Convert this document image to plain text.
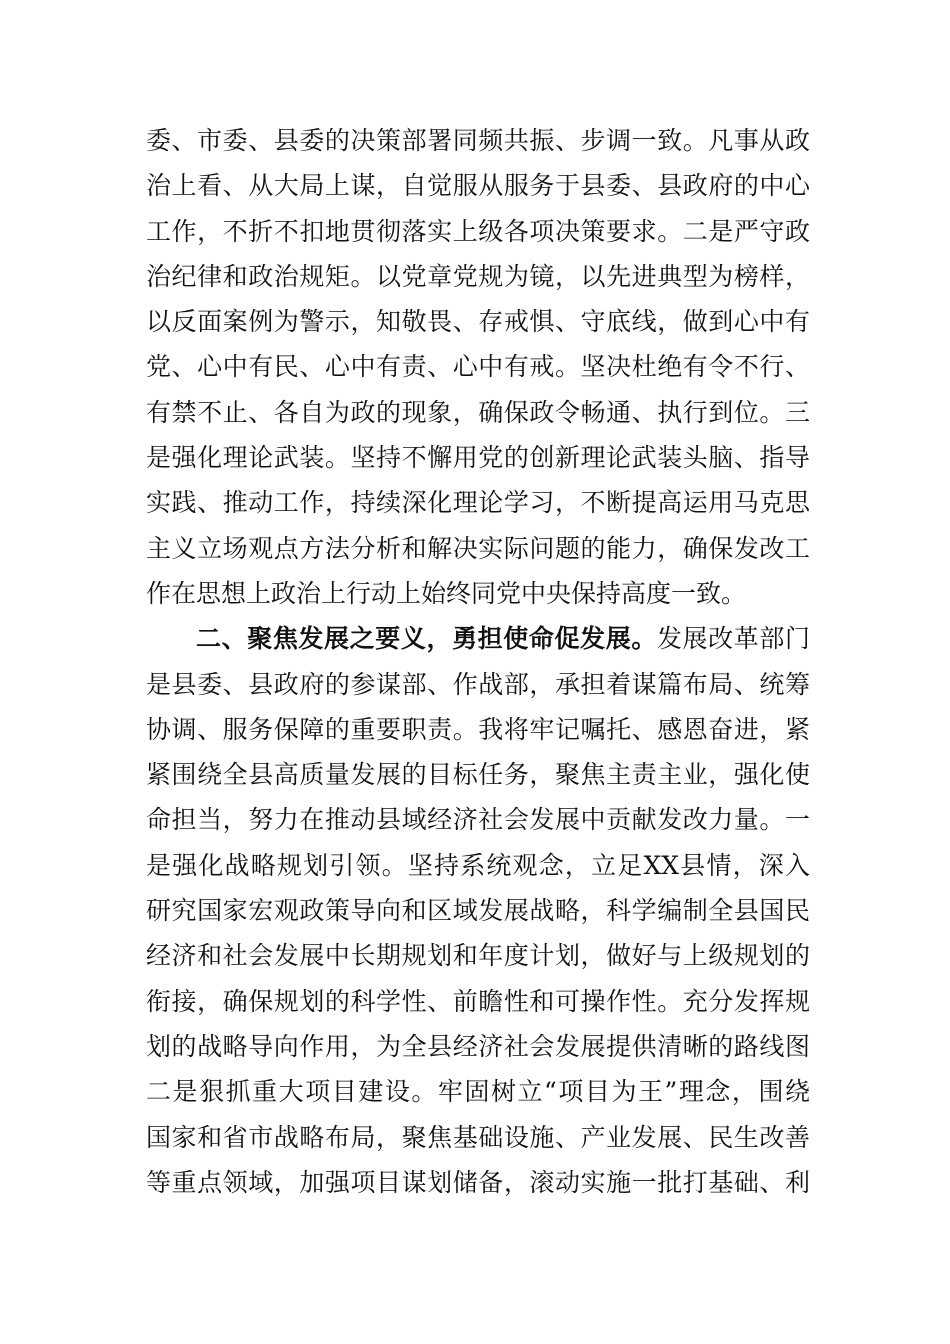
委、市委、县委的决策部署同频共振、步调一致。凡事从政
治上看、从大局上谋，自觉服从服务于县委、县政府的中心
工作，不折不扣地贯彻落实上级各项决策要求。二是严守政
治纪律和政治规矩。以党章党规为镜，以先进典型为榜样，
以反面案例为警示，知敬畏、存戒惧、守底线，做到心中有
党、心中有民、心中有责、心中有戒。坚决杜绝有令不行、
有禁不止、各自为政的现象，确保政令畅通、执行到位。三
是强化理论武装。坚持不懈用党的创新理论武装头脑、指导
实践、推动工作，持续深化理论学习，不断提高运用马克思
主义立场观点方法分析和解决实际问题的能力，确保发改工
作在思想上政治上行动上始终同党中央保持高度一致。
二、聚焦发展之要义，勇担使命促发展。发展改革部门
是县委、县政府的参谋部、作战部，承担着谋篇布局、统筹
协调、服务保障的重要职责。我将牢记嘱托、感恩奋进，紧
紧围绕全县高质量发展的目标任务，聚焦主责主业，强化使
命担当，努力在推动县域经济社会发展中贡献发改力量。一
是强化战略规划引领。坚持系统观念，立足XX县情，深入
研究国家宏观政策导向和区域发展战略，科学编制全县国民
经济和社会发展中长期规划和年度计划，做好与上级规划的
衔接，确保规划的科学性、前瞻性和可操作性。充分发挥规
划的战略导向作用，为全县经济社会发展提供清晰的路线图
二是狠抓重大项目建设。牢固树立“项目为王”理念，围绕
国家和省市战略布局，聚焦基础设施、产业发展、民生改善
等重点领域，加强项目谋划储备，滚动实施一批打基础、利
